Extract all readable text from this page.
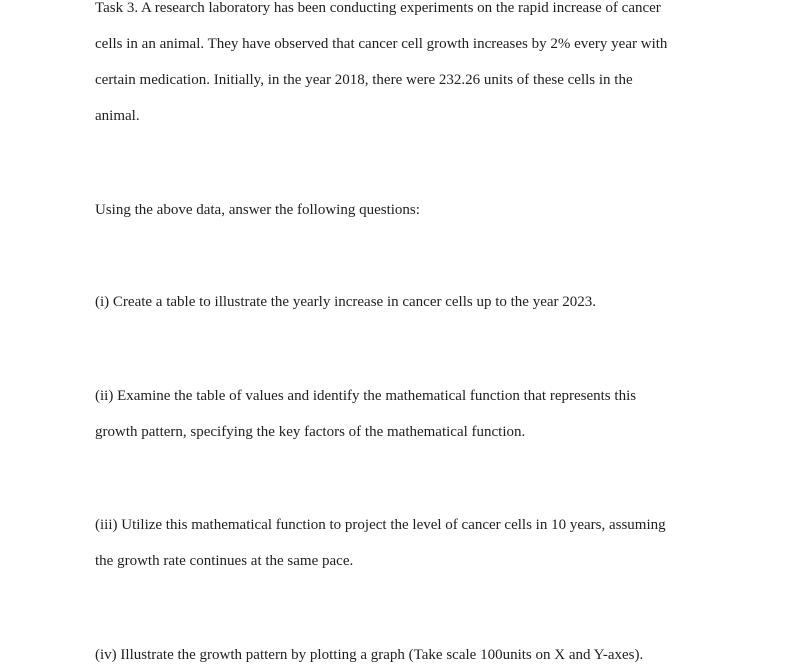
Task 3. A research laboratory has been conducting experiments on the rapid increase of cancer

cells in an animal. They have observed that cancer cell growth increases by 2% every year with

certain medication. Initially, in the year 2018, there were 232.26 units of these cells in the

animal.

Using the above data, answer the following questions:

(i) Create a table to illustrate the yearly increase in cancer cells up to the year 2023.

(ii) Examine the table of values and identify the mathematical function that represents this

growth pattern, specifying the key factors of the mathematical function.

(iii) Utilize this mathematical function to project the level of cancer cells in 10 years, assuming

the growth rate continues at the same pace.

(iv) Illustrate the growth pattern by plotting a graph (Take scale 100units on X and Y-axes).
